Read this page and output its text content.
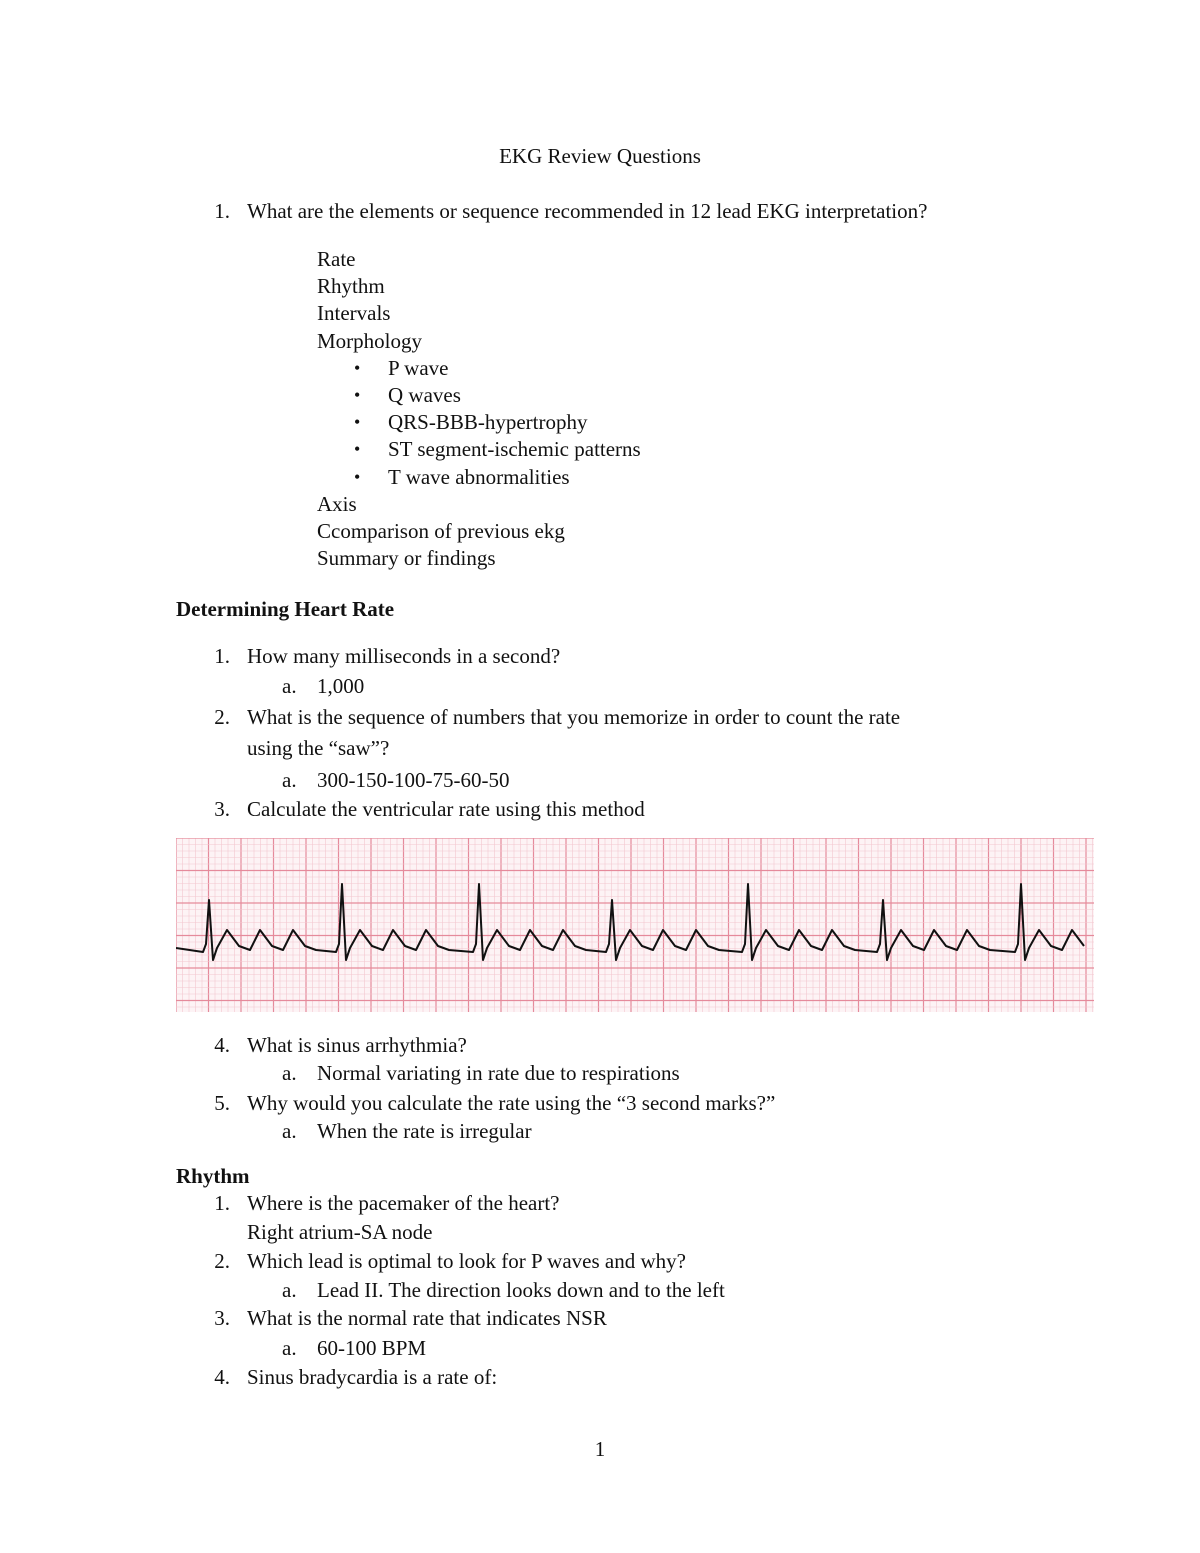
EKG Review Questions
1. What are the elements or sequence recommended in 12 lead EKG interpretation?
Rate
Rhythm
Intervals
Morphology
• P wave
• Q waves
• QRS-BBB-hypertrophy
• ST segment-ischemic patterns
• T wave abnormalities
Axis
Ccomparison of previous ekg
Summary or findings
Determining Heart Rate
1. How many milliseconds in a second?
a. 1,000
2. What is the sequence of numbers that you memorize in order to count the rate
using the “saw”?
a. 300-150-100-75-60-50
3. Calculate the ventricular rate using this method
4. What is sinus arrhythmia?
a. Normal variating in rate due to respirations
5. Why would you calculate the rate using the “3 second marks?”
a. When the rate is irregular
Rhythm
1. Where is the pacemaker of the heart?
Right atrium-SA node
2. Which lead is optimal to look for P waves and why?
a. Lead II. The direction looks down and to the left
3. What is the normal rate that indicates NSR
a. 60-100 BPM
4. Sinus bradycardia is a rate of:
1
